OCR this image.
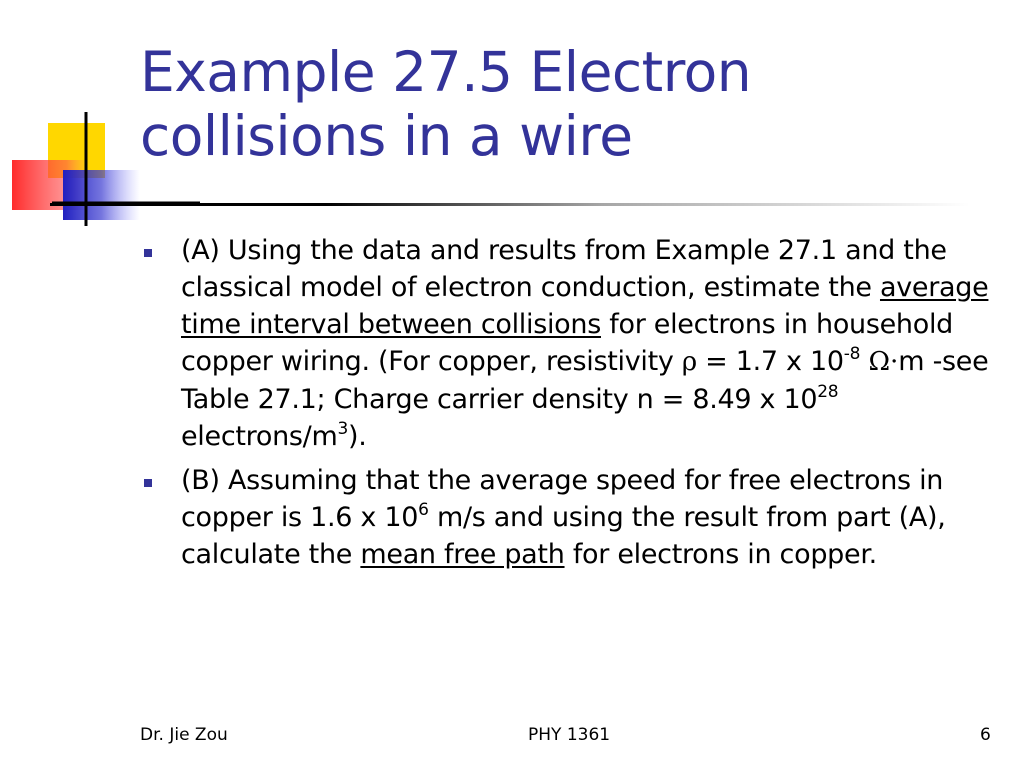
Example 27.5 Electron
collisions in a wire
(A) Using the data and results from Example 27.1 and the classical model of electron conduction, estimate the average time interval between collisions for electrons in household copper wiring. (For copper, resistivity ρ = 1.7 x $10^{-8}$ Ω⋅m -see Table 27.1; Charge carrier density n = 8.49 x $10^{28}$ electrons/$m^3$).
(B) Assuming that the average speed for free electrons in copper is 1.6 x $10^6$ m/s and using the result from part (A), calculate the mean free path for electrons in copper.
Dr. Jie Zou	PHY 1361	6
